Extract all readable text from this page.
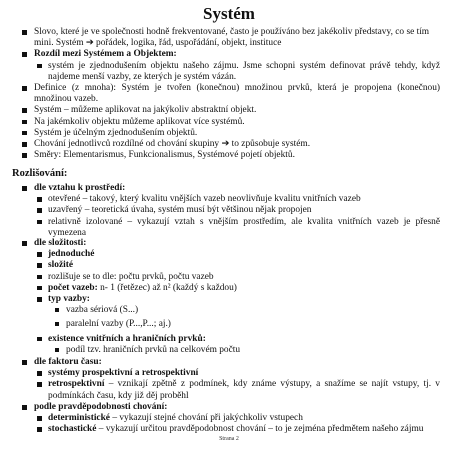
Systém
Slovo, které je ve společnosti hodně frekventované, často je používáno bez jakékoliv představy, co se tím mini. Systém ➔ pořádek, logika, řád, uspořádání, objekt, instituce
Rozdíl mezi Systémem a Objektem:
systém je zjednodušením objektu našeho zájmu. Jsme schopni systém definovat právě tehdy, když najdeme menší vazby, ze kterých je systém vázán.
Definice (z mnoha): Systém je tvořen (konečnou) množinou prvků, která je propojena (konečnou) množinou vazeb.
Systém – můžeme aplikovat na jakýkoliv abstraktní objekt.
Na jakémkoliv objektu můžeme aplikovat více systémů.
Systém je účelným zjednodušením objektů.
Chování jednotlivců rozdílné od chování skupiny ➔ to způsobuje systém.
Směry: Elementarismus, Funkcionalismus, Systémové pojetí objektů.
Rozlišování:
dle vztahu k prostředí:
otevřené – takový, který kvalitu vnějších vazeb neovlivňuje kvalitu vnitřních vazeb
uzavřený – teoretická úvaha, systém musí být většinou nějak propojen
relativně izolované – vykazují vztah s vnějším prostředím, ale kvalita vnitřních vazeb je přesně vymezena
dle složitosti:
jednoduché
složité
rozlišuje se to dle: počtu prvků, počtu vazeb
počet vazeb: n- 1 (řetězec) až n² (každý s každou)
typ vazby:
vazba sériová (S...)
paralelní vazby (P...,P...; aj.)
existence vnitřních a hraničních prvků:
podíl tzv. hraničních prvků na celkovém počtu
dle faktoru času:
systémy prospektivní a retrospektivní
retrospektivní – vznikají zpětně z podmínek, kdy známe výstupy, a snažíme se najít vstupy, tj. v podmínkách času, kdy již děj proběhl
podle pravděpodobnosti chování:
deterministické – vykazují stejné chování při jakýchkoliv vstupech
stochastické – vykazují určitou pravděpodobnost chování – to je zejména předmětem našeho zájmu
Strana 2
